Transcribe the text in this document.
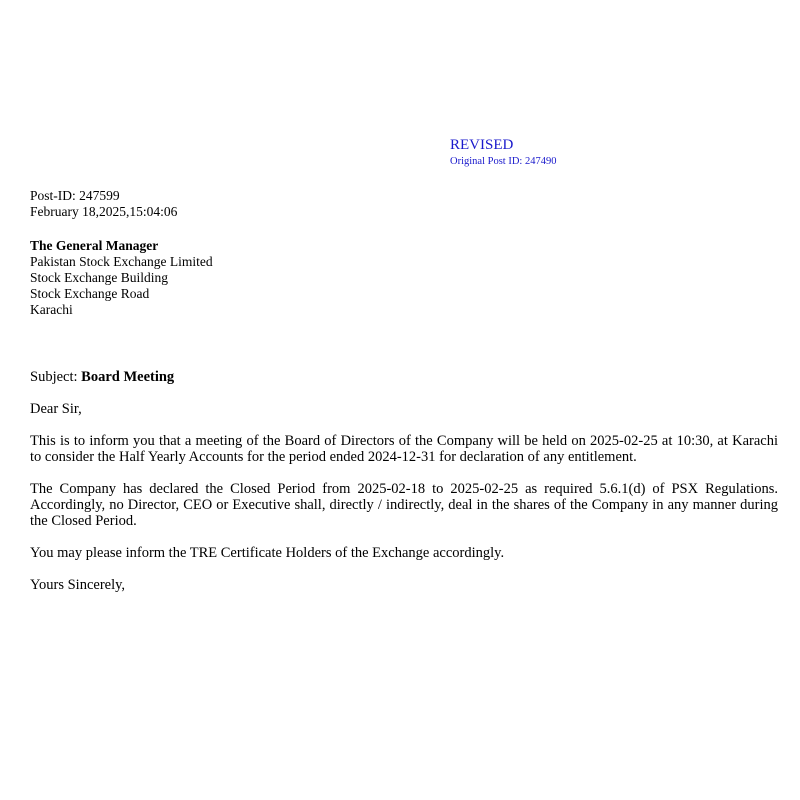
REVISED
Original Post ID: 247490
Post-ID: 247599
February 18,2025,15:04:06
The General Manager
Pakistan Stock Exchange Limited
Stock Exchange Building
Stock Exchange Road
Karachi
Subject: Board Meeting
Dear Sir,
This is to inform you that a meeting of the Board of Directors of the Company will be held on 2025-02-25 at 10:30, at Karachi to consider the Half Yearly Accounts for the period ended 2024-12-31 for declaration of any entitlement.
The Company has declared the Closed Period from 2025-02-18 to 2025-02-25 as required 5.6.1(d) of PSX Regulations. Accordingly, no Director, CEO or Executive shall, directly / indirectly, deal in the shares of the Company in any manner during the Closed Period.
You may please inform the TRE Certificate Holders of the Exchange accordingly.
Yours Sincerely,
